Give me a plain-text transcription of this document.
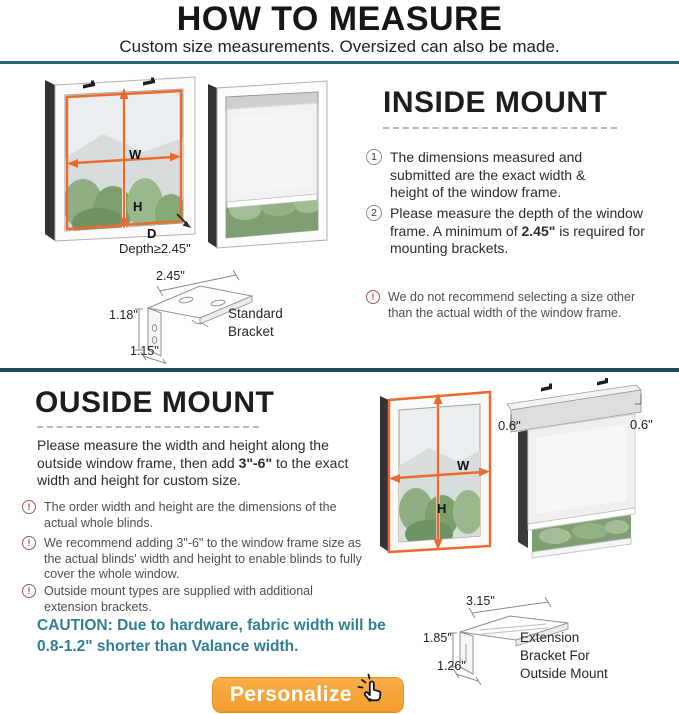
HOW TO MEASURE
Custom size measurements. Oversized can also be made.
W
H
D
Depth≥2.45"
INSIDE MOUNT
1 The dimensions measured and submitted are the exact width & height of the window frame.

2 Please measure the depth of the window frame. A minimum of 2.45" is required for mounting brackets.

!	We do not recommend selecting a size other than the actual width of the window frame.

2.45"
1.18"
1.15"
Standard
Bracket
OUSIDE MOUNT

Please measure the width and height along the outside window frame, then add 3"-6" to the exact width and height for custom size.

!	The order width and height are the dimensions of the actual whole blinds.

!	We recommend adding 3"-6" to the window frame size as the actual blinds' width and height to enable blinds to fully cover the whole window.

!	Outside mount types are supplied with additional extension brackets.

CAUTION: Due to hardware, fabric width will be
0.8-1.2" shorter than Valance width.
W
H
0.6"	0.6"
3.15"
1.85"
1.26"
Extension
Bracket For
Outside Mount
Personalize
